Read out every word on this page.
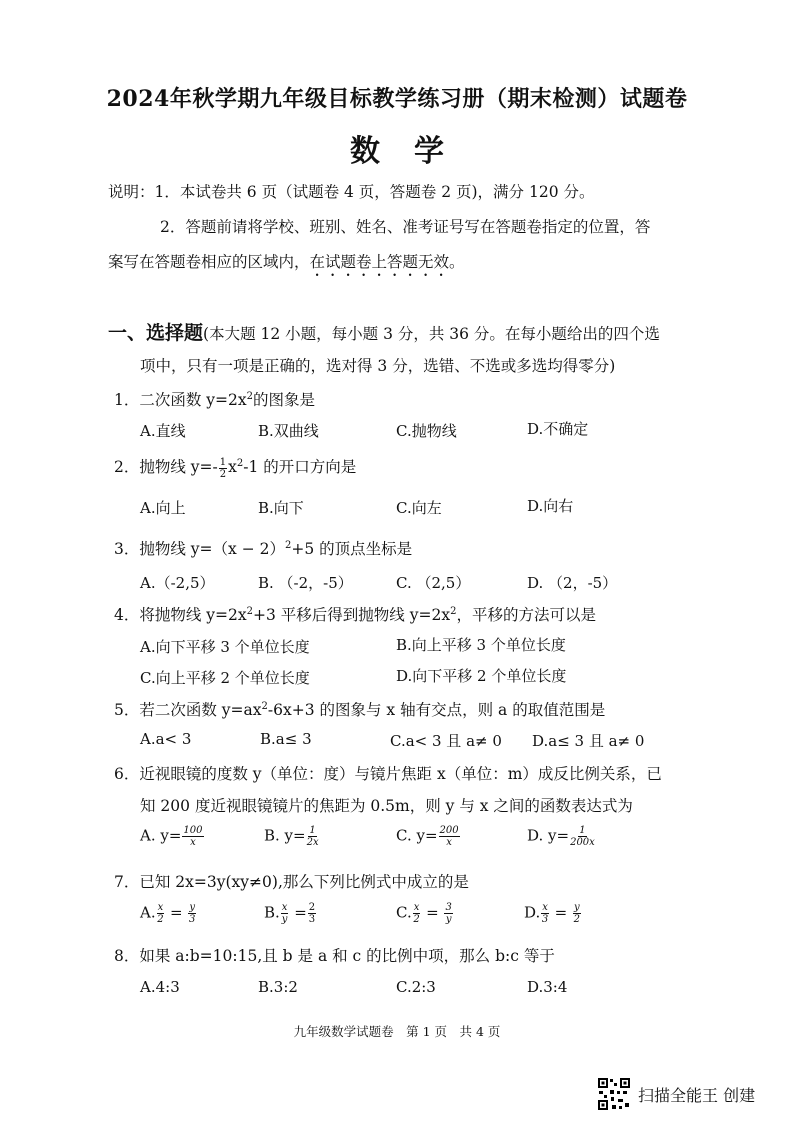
2024年秋学期九年级目标教学练习册（期末检测）试题卷
数学
说明：1．本试卷共 6 页（试题卷 4 页，答题卷 2 页)，满分 120 分。
2．答题前请将学校、班别、姓名、准考证号写在答题卷指定的位置，答
案写在答题卷相应的区域内，在试题卷上答题无效。
一、选择题(本大题 12 小题，每小题 3 分，共 36 分。在每小题给出的四个选
项中，只有一项是正确的，选对得 3 分，选错、不选或多选均得零分)
1．二次函数 $y=2x^2$的图象是
A.直线	B.双曲线	C.抛物线	D.不确定
2．抛物线 $y=- \frac{1}{2} x^2-1$ 的开口方向是
A.向上	B.向下	C.向左	D.向右
3．抛物线 $y=(x - 2)^2+5$ 的顶点坐标是
A.（-2,5）	B. （-2，-5）	C. （2,5）	D. （2，-5）
4．将抛物线 $y=2x^2+3$ 平移后得到抛物线 $y=2x^2$，平移的方法可以是
A.向下平移 3 个单位长度	B.向上平移 3 个单位长度
C.向上平移 2 个单位长度	D.向下平移 2 个单位长度
5．若二次函数 $y=ax^2-6x+3$ 的图象与 x 轴有交点，则 a 的取值范围是
A.a< 3	B.a≤ 3	C.a< 3 且 a≠ 0 D.a≤ 3 且 a≠ 0
6．近视眼镜的度数 y（单位：度）与镜片焦距 x（单位：m）成反比例关系，已
知 200 度近视眼镜镜片的焦距为 0.5m，则 y 与 x 之间的函数表达式为
A. $y= \frac{100}{x}$	B. $y= \frac{1}{2x}$	C. $y= \frac{200}{x}$	D. $y= \frac{1}{200x}$
7．已知 2x=3y(xy≠0),那么下列比例式中成立的是
A. $\frac{x}{2} = \frac{y}{3}$	B. $\frac{x}{y} = \frac{2}{3}$	C. $\frac{x}{2} = \frac{3}{y}$	D. $\frac{x}{3} = \frac{y}{2}$
8．如果 a:b=10:15,且 b 是 a 和 c 的比例中项，那么 b:c 等于
A.4:3	B.3:2	C.2:3	D.3:4
九年级数学试题卷　第 1 页　共 4 页
扫描全能王 创建
